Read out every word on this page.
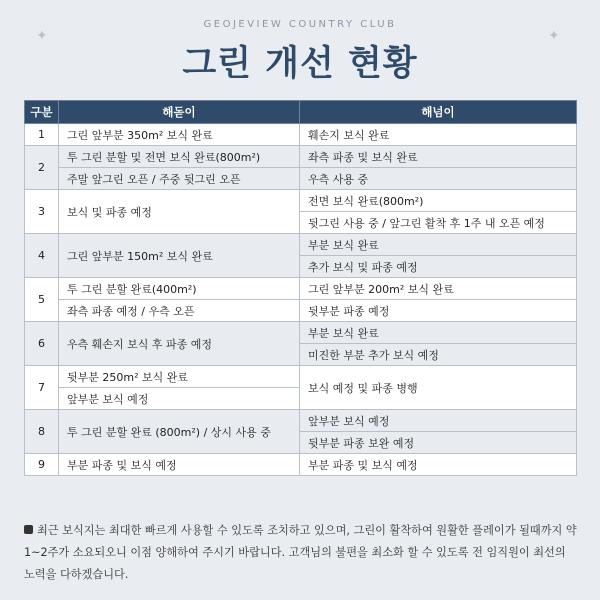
✦	✦
GEOJEVIEW COUNTRY CLUB
그린 개선 현황
구분	해돋이	해넘이
1	그린 앞부분 350m² 보식 완료	훼손지 보식 완료
2	투 그린 분할 및 전면 보식 완료(800m²)	좌측 파종 및 보식 완료
	주말 앞그린 오픈 / 주중 뒷그린 오픈	우측 사용 중
3	보식 및 파종 예정	전면 보식 완료(800m²)
		뒷그린 사용 중 / 앞그린 활착 후 1주 내 오픈 예정
4	그린 앞부분 150m² 보식 완료	부분 보식 완료
		추가 보식 및 파종 예정
5	투 그린 분할 완료(400m²)	그린 앞부분 200m² 보식 완료
	좌측 파종 예정 / 우측 오픈	뒷부분 파종 예정
6	우측 훼손지 보식 후 파종 예정	부분 보식 완료
		미진한 부분 추가 보식 예정
7	뒷부분 250m² 보식 완료	보식 예정 및 파종 병행
	앞부분 보식 예정	
8	투 그린 분할 완료 (800m²) / 상시 사용 중	앞부분 보식 예정
		뒷부분 파종 보완 예정
9	부분 파종 및 보식 예정	부분 파종 및 보식 예정
최근 보식지는 최대한 빠르게 사용할 수 있도록 조치하고 있으며, 그린이 활착하여 원활한 플레이가 될때까지 약 1~2주가 소요되오니 이점 양해하여 주시기 바랍니다. 고객님의 불편을 최소화 할 수 있도록 전 임직원이 최선의 노력을 다하겠습니다.
